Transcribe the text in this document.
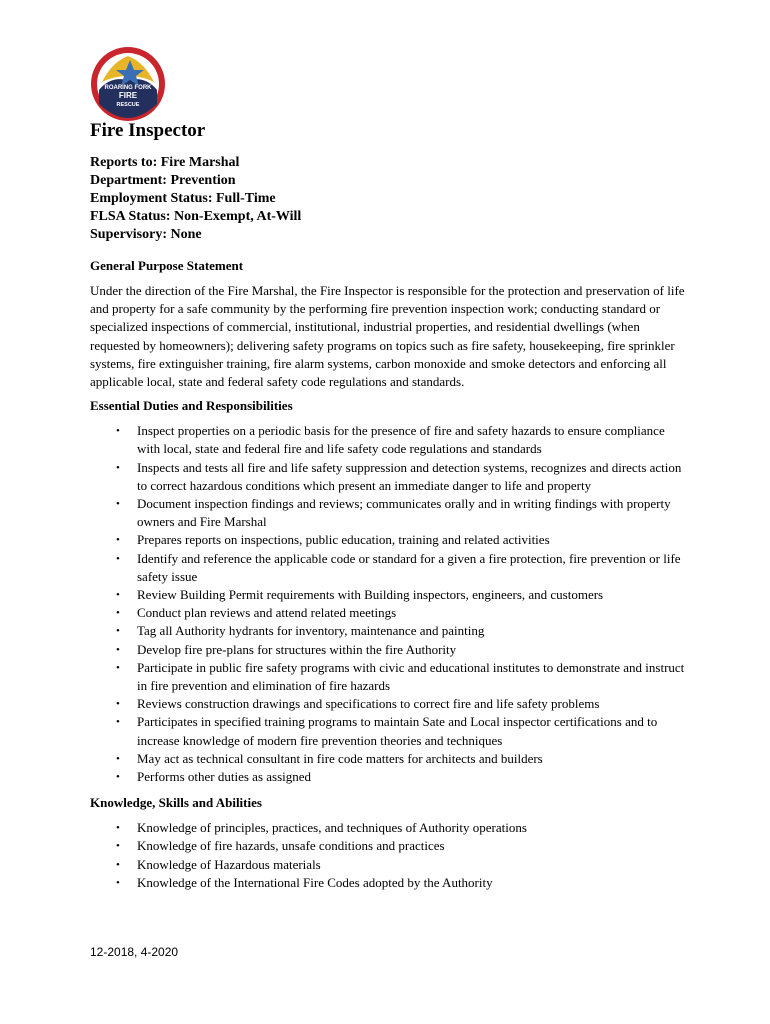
ROARING FORK
FIRE
RESCUE
Fire Inspector
Reports to: Fire Marshal
Department: Prevention
Employment Status: Full-Time
FLSA Status: Non-Exempt, At-Will
Supervisory: None
General Purpose Statement
Under the direction of the Fire Marshal, the Fire Inspector is responsible for the protection and preservation of life and property for a safe community by the performing fire prevention inspection work; conducting standard or specialized inspections of commercial, institutional, industrial properties, and residential dwellings (when requested by homeowners); delivering safety programs on topics such as fire safety, housekeeping, fire sprinkler systems, fire extinguisher training, fire alarm systems, carbon monoxide and smoke detectors and enforcing all applicable local, state and federal safety code regulations and standards.
Essential Duties and Responsibilities
• Inspect properties on a periodic basis for the presence of fire and safety hazards to ensure compliance with local, state and federal fire and life safety code regulations and standards
• Inspects and tests all fire and life safety suppression and detection systems, recognizes and directs action to correct hazardous conditions which present an immediate danger to life and property
• Document inspection findings and reviews; communicates orally and in writing findings with property owners and Fire Marshal
• Prepares reports on inspections, public education, training and related activities
• Identify and reference the applicable code or standard for a given a fire protection, fire prevention or life safety issue
• Review Building Permit requirements with Building inspectors, engineers, and customers
• Conduct plan reviews and attend related meetings
• Tag all Authority hydrants for inventory, maintenance and painting
• Develop fire pre-plans for structures within the fire Authority
• Participate in public fire safety programs with civic and educational institutes to demonstrate and instruct in fire prevention and elimination of fire hazards
• Reviews construction drawings and specifications to correct fire and life safety problems
• Participates in specified training programs to maintain Sate and Local inspector certifications and to increase knowledge of modern fire prevention theories and techniques
• May act as technical consultant in fire code matters for architects and builders
• Performs other duties as assigned
Knowledge, Skills and Abilities
• Knowledge of principles, practices, and techniques of Authority operations
• Knowledge of fire hazards, unsafe conditions and practices
• Knowledge of Hazardous materials
• Knowledge of the International Fire Codes adopted by the Authority
12-2018, 4-2020
